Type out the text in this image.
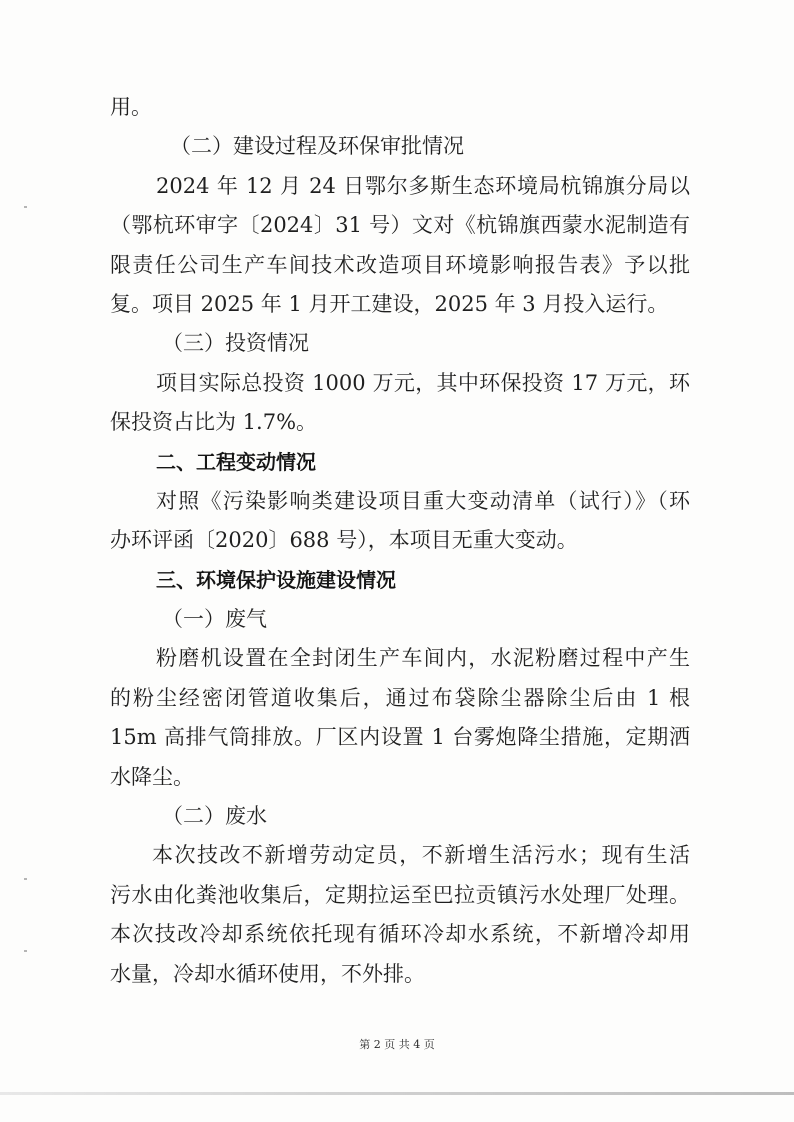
用。
（二）建设过程及环保审批情况
2024 年 12 月 24 日鄂尔多斯生态环境局杭锦旗分局以
（鄂杭环审字〔2024〕31 号）文对《杭锦旗西蒙水泥制造有
限责任公司生产车间技术改造项目环境影响报告表》予以批
复。项目 2025 年 1 月开工建设，2025 年 3 月投入运行。
（三）投资情况
项目实际总投资 1000 万元，其中环保投资 17 万元，环
保投资占比为 1.7%。
二、工程变动情况
对照《污染影响类建设项目重大变动清单（试行）》（环
办环评函〔2020〕688 号），本项目无重大变动。
三、环境保护设施建设情况
（一）废气
粉磨机设置在全封闭生产车间内，水泥粉磨过程中产生
的粉尘经密闭管道收集后，通过布袋除尘器除尘后由 1 根
15m 高排气筒排放。厂区内设置 1 台雾炮降尘措施，定期洒
水降尘。
（二）废水
本次技改不新增劳动定员，不新增生活污水；现有生活
污水由化粪池收集后，定期拉运至巴拉贡镇污水处理厂处理。
本次技改冷却系统依托现有循环冷却水系统，不新增冷却用
水量，冷却水循环使用，不外排。
第 2 页 共 4 页
